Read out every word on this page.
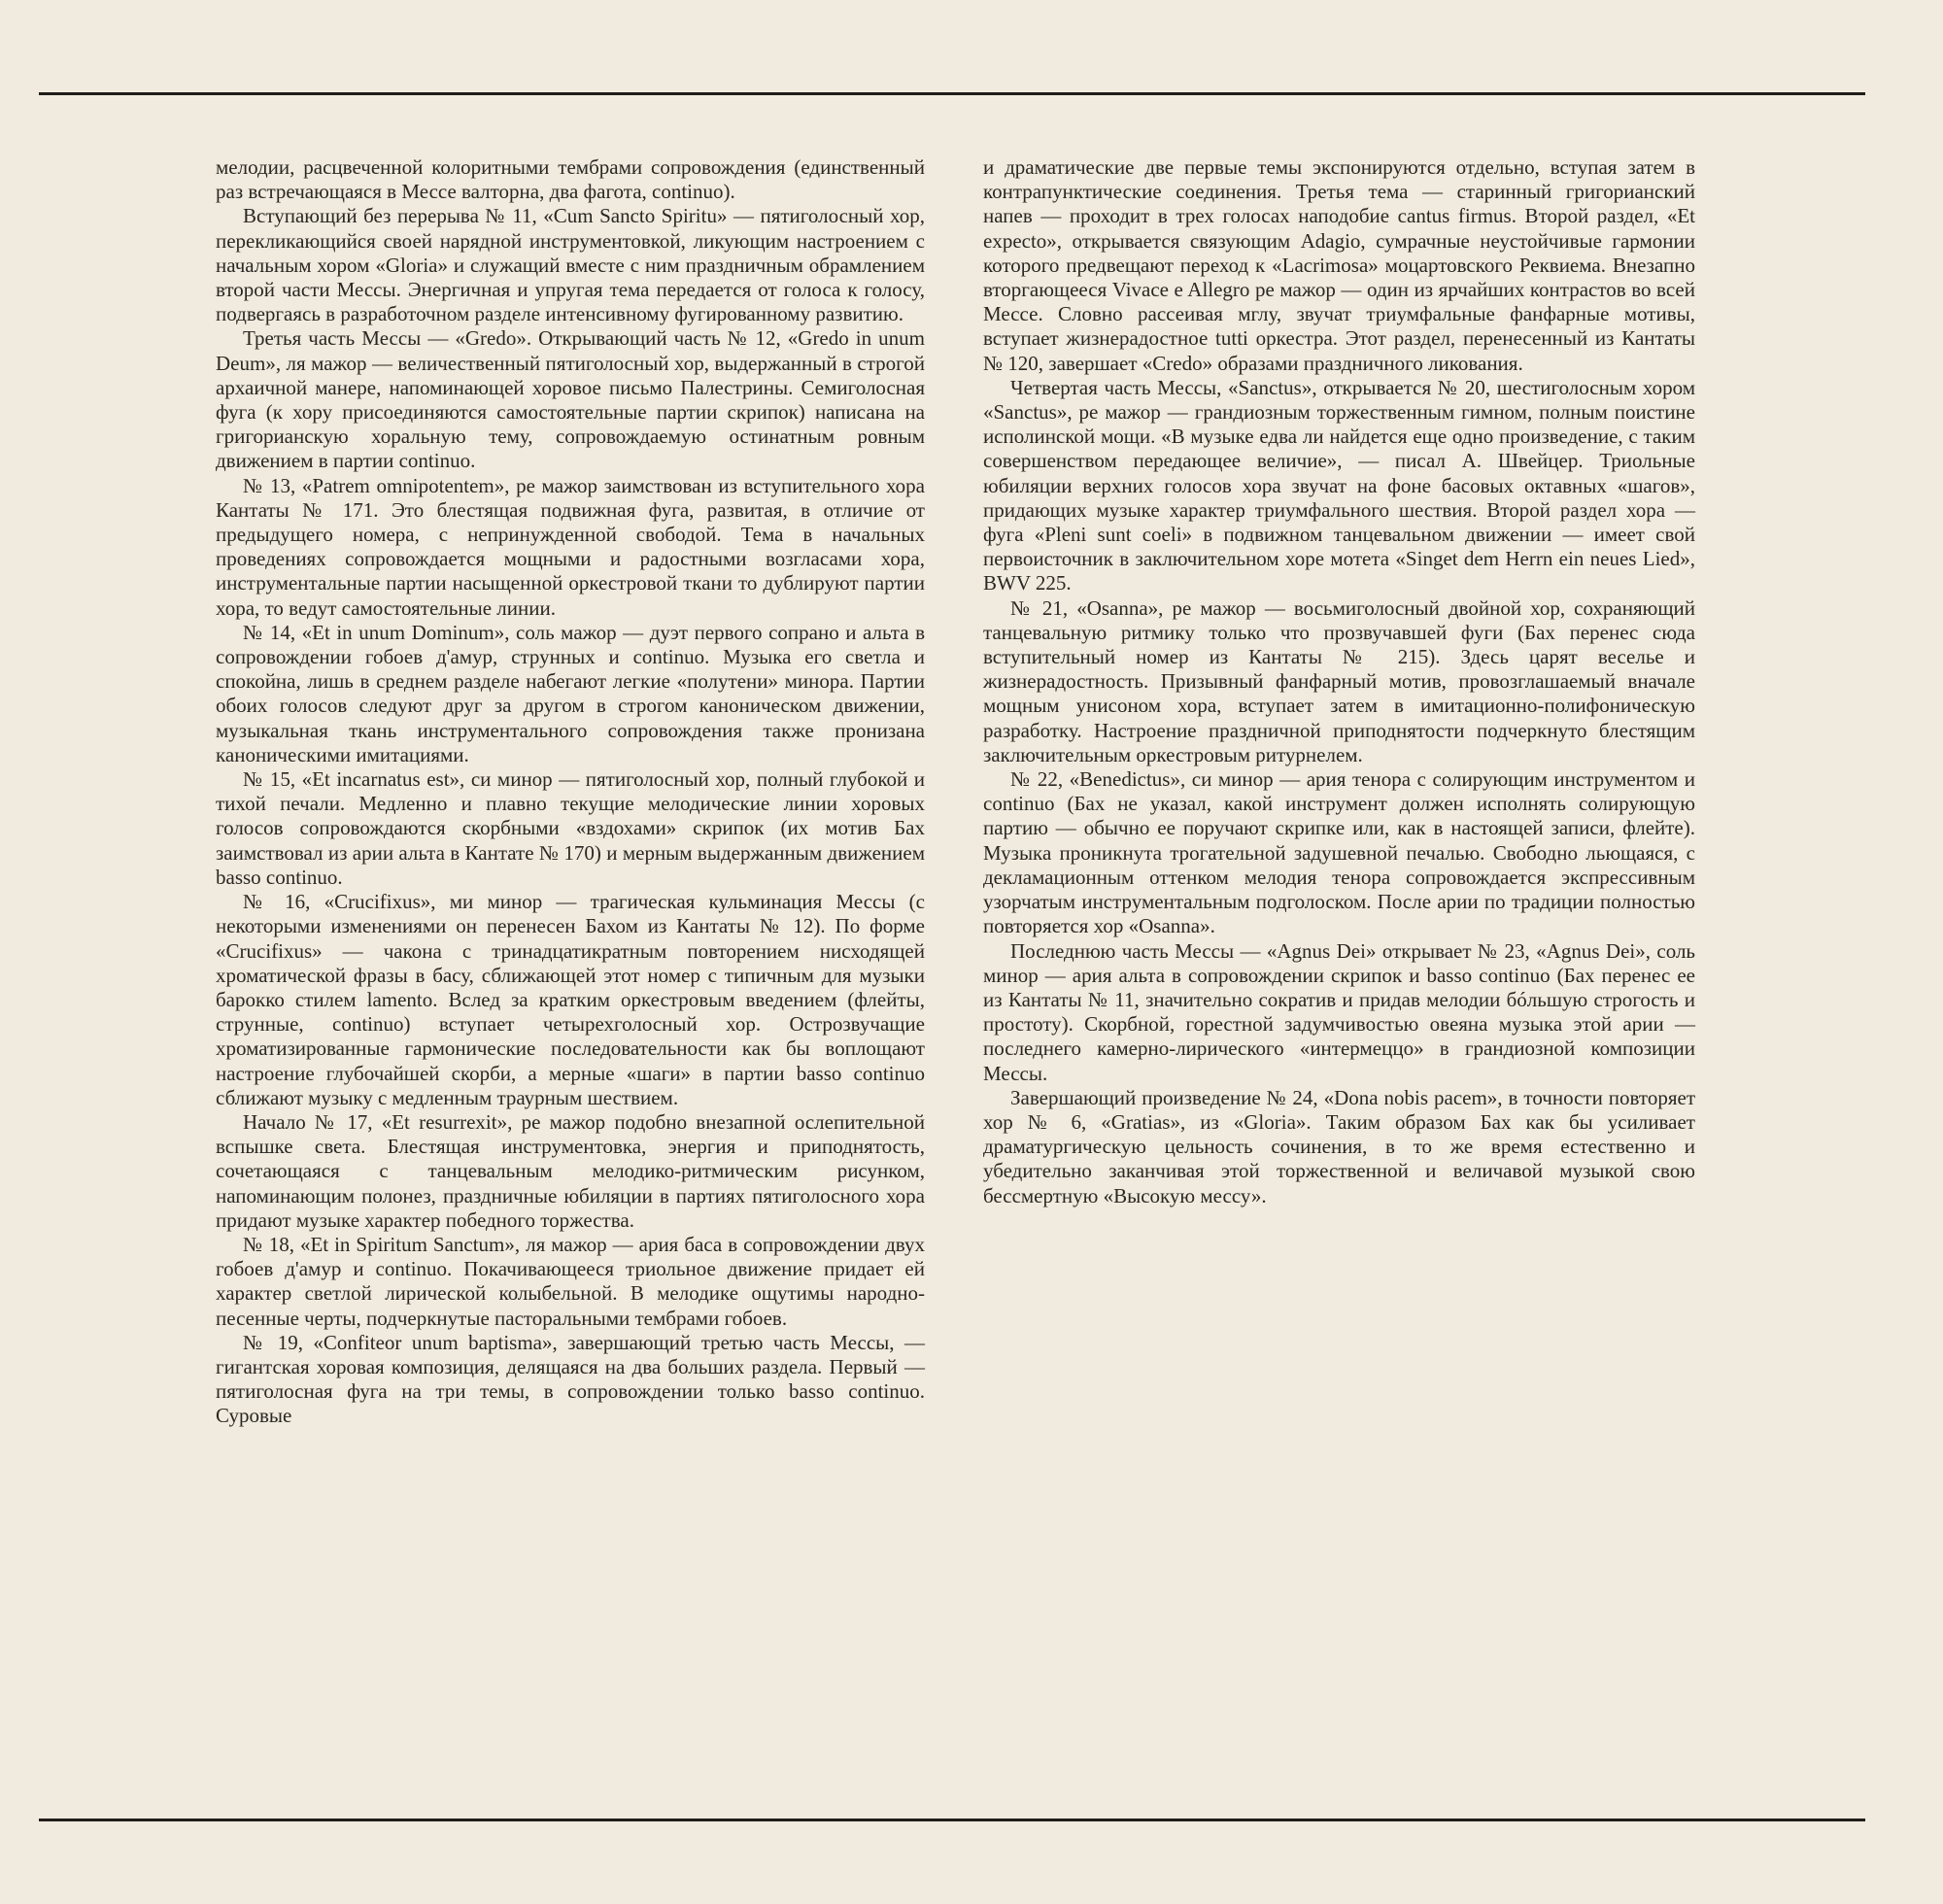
мелодии, расцвеченной колоритными тембрами сопровождения (единственный раз встречающаяся в Мессе валторна, два фагота, continuo).

Вступающий без перерыва № 11, «Cum Sancto Spiritu» — пятиголосный хор, перекликающийся своей нарядной инструментовкой, ликующим настроением с начальным хором «Gloria» и служащий вместе с ним праздничным обрамлением второй части Мессы. Энергичная и упругая тема передается от голоса к голосу, подвергаясь в разработочном разделе интенсивному фугированному развитию.

Третья часть Мессы — «Gredo». Открывающий часть № 12, «Gredo in unum Deum», ля мажор — величественный пятиголосный хор, выдержанный в строгой архаичной манере, напоминающей хоровое письмо Палестрины. Семиголосная фуга (к хору присоединяются самостоятельные партии скрипок) написана на григорианскую хоральную тему, сопровождаемую остинатным ровным движением в партии continuo.

№ 13, «Patrem omnipotentem», ре мажор заимствован из вступительного хора Кантаты № 171. Это блестящая подвижная фуга, развитая, в отличие от предыдущего номера, с непринужденной свободой. Тема в начальных проведениях сопровождается мощными и радостными возгласами хора, инструментальные партии насыщенной оркестровой ткани то дублируют партии хора, то ведут самостоятельные линии.

№ 14, «Et in unum Dominum», соль мажор — дуэт первого сопрано и альта в сопровождении гобоев д'амур, струнных и continuo. Музыка его светла и спокойна, лишь в среднем разделе набегают легкие «полутени» минора. Партии обоих голосов следуют друг за другом в строгом каноническом движении, музыкальная ткань инструментального сопровождения также пронизана каноническими имитациями.

№ 15, «Et incarnatus est», си минор — пятиголосный хор, полный глубокой и тихой печали. Медленно и плавно текущие мелодические линии хоровых голосов сопровождаются скорбными «вздохами» скрипок (их мотив Бах заимствовал из арии альта в Кантате № 170) и мерным выдержанным движением basso continuo.

№ 16, «Crucifixus», ми минор — трагическая кульминация Мессы (с некоторыми изменениями он перенесен Бахом из Кантаты № 12). По форме «Crucifixus» — чакона с тринадцатикратным повторением нисходящей хроматической фразы в басу, сближающей этот номер с типичным для музыки барокко стилем lamento. Вслед за кратким оркестровым введением (флейты, струнные, continuo) вступает четырехголосный хор. Острозвучащие хроматизированные гармонические последовательности как бы воплощают настроение глубочайшей скорби, а мерные «шаги» в партии basso continuo сближают музыку с медленным траурным шествием.

Начало № 17, «Et resurrexit», ре мажор подобно внезапной ослепительной вспышке света. Блестящая инструментовка, энергия и приподнятость, сочетающаяся с танцевальным мелодико-ритмическим рисунком, напоминающим полонез, праздничные юбиляции в партиях пятиголосного хора придают музыке характер победного торжества.

№ 18, «Et in Spiritum Sanctum», ля мажор — ария баса в сопровождении двух гобоев д'амур и continuo. Покачивающееся триольное движение придает ей характер светлой лирической колыбельной. В мелодике ощутимы народно-песенные черты, подчеркнутые пасторальными тембрами гобоев.

№ 19, «Confiteor unum baptisma», завершающий третью часть Мессы, — гигантская хоровая композиция, делящаяся на два больших раздела. Первый — пятиголосная фуга на три темы, в сопровождении только basso continuo. Суровые

и драматические две первые темы экспонируются отдельно, вступая затем в контрапунктические соединения. Третья тема — старинный григорианский напев — проходит в трех голосах наподобие cantus firmus. Второй раздел, «Et expecto», открывается связующим Adagio, сумрачные неустойчивые гармонии которого предвещают переход к «Lacrimosa» моцартовского Реквиема. Внезапно вторгающееся Vivace e Allegro ре мажор — один из ярчайших контрастов во всей Мессе. Словно рассеивая мглу, звучат триумфальные фанфарные мотивы, вступает жизнерадостное tutti оркестра. Этот раздел, перенесенный из Кантаты № 120, завершает «Credo» образами праздничного ликования.

Четвертая часть Мессы, «Sanctus», открывается № 20, шестиголосным хором «Sanctus», ре мажор — грандиозным торжественным гимном, полным поистине исполинской мощи. «В музыке едва ли найдется еще одно произведение, с таким совершенством передающее величие», — писал А. Швейцер. Триольные юбиляции верхних голосов хора звучат на фоне басовых октавных «шагов», придающих музыке характер триумфального шествия. Второй раздел хора — фуга «Pleni sunt coeli» в подвижном танцевальном движении — имеет свой первоисточник в заключительном хоре мотета «Singet dem Herrn ein neues Lied», BWV 225.

№ 21, «Osanna», ре мажор — восьмиголосный двойной хор, сохраняющий танцевальную ритмику только что прозвучавшей фуги (Бах перенес сюда вступительный номер из Кантаты № 215). Здесь царят веселье и жизнерадостность. Призывный фанфарный мотив, провозглашаемый вначале мощным унисоном хора, вступает затем в имитационно-полифоническую разработку. Настроение праздничной приподнятости подчеркнуто блестящим заключительным оркестровым ритурнелем.

№ 22, «Benedictus», си минор — ария тенора с солирующим инструментом и continuo (Бах не указал, какой инструмент должен исполнять солирующую партию — обычно ее поручают скрипке или, как в настоящей записи, флейте). Музыка проникнута трогательной задушевной печалью. Свободно льющаяся, с декламационным оттенком мелодия тенора сопровождается экспрессивным узорчатым инструментальным подголоском. После арии по традиции полностью повторяется хор «Osanna».

Последнюю часть Мессы — «Agnus Dei» открывает № 23, «Agnus Dei», соль минор — ария альта в сопровождении скрипок и basso continuo (Бах перенес ее из Кантаты № 11, значительно сократив и придав мелодии бóльшую строгость и простоту). Скорбной, горестной задумчивостью овеяна музыка этой арии — последнего камерно-лирического «интермеццо» в грандиозной композиции Мессы.

Завершающий произведение № 24, «Dona nobis pacem», в точности повторяет хор № 6, «Gratias», из «Gloria». Таким образом Бах как бы усиливает драматургическую цельность сочинения, в то же время естественно и убедительно заканчивая этой торжественной и величавой музыкой свою бессмертную «Высокую мессу».
